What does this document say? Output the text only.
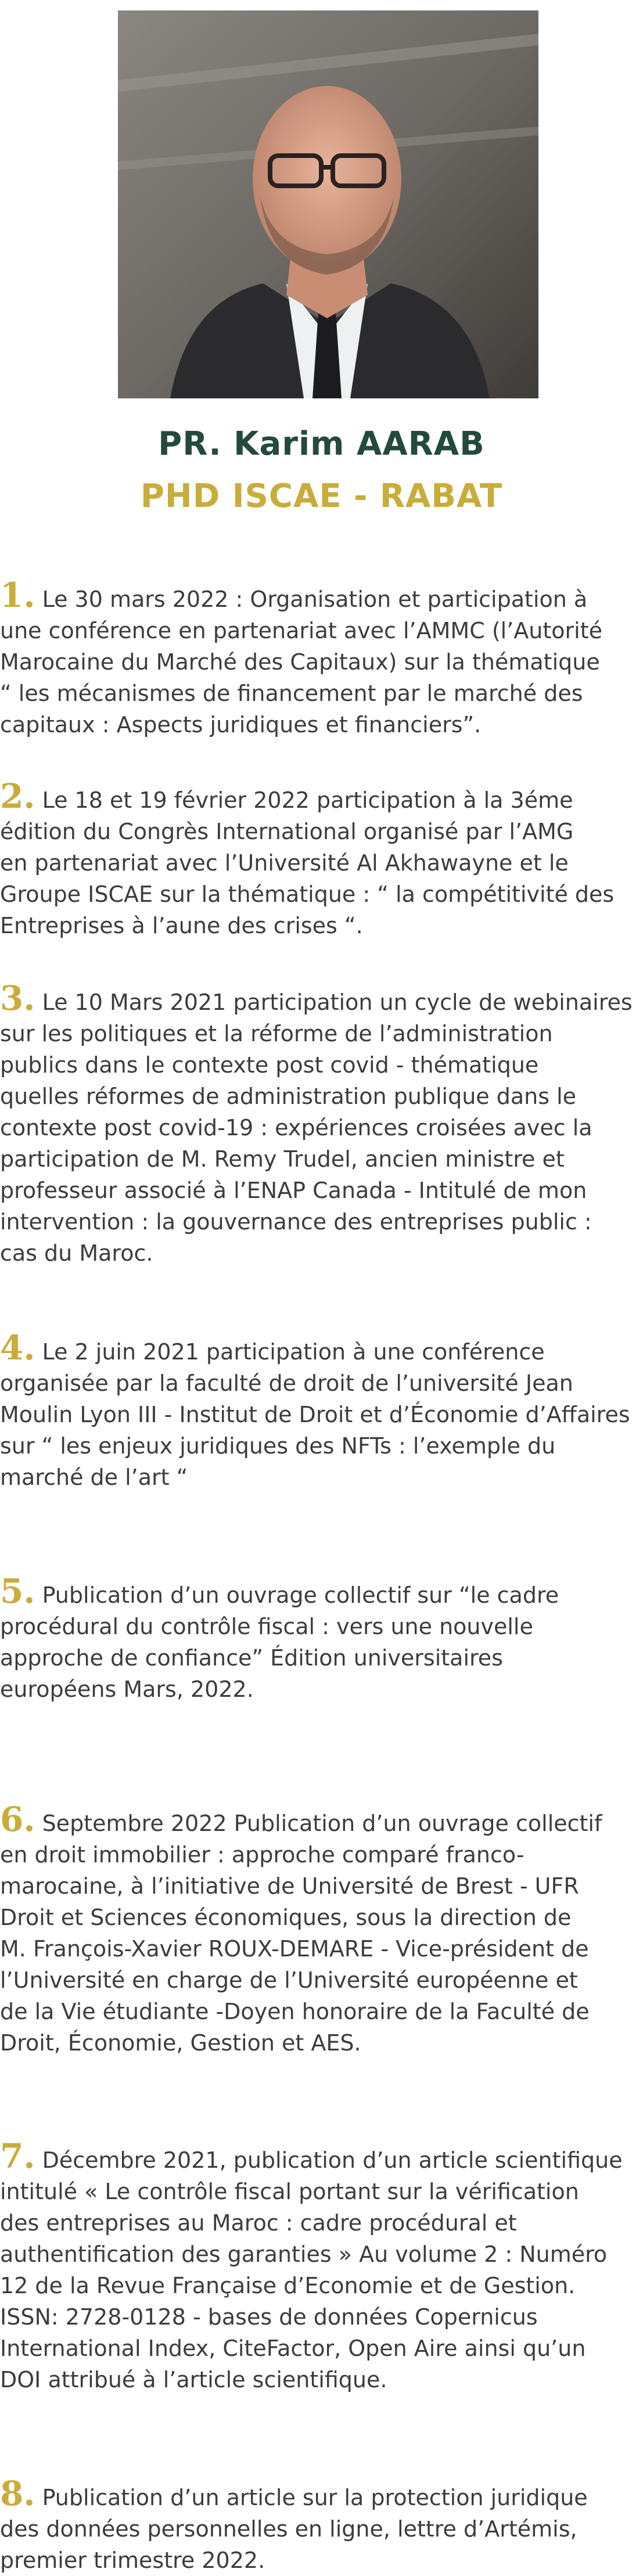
PR. Karim AARAB
PHD ISCAE - RABAT
1. Le 30 mars 2022 : Organisation et participation à
une conférence en partenariat avec l’AMMC (l’Autorité
Marocaine du Marché des Capitaux) sur la thématique
“ les mécanismes de financement par le marché des
capitaux : Aspects juridiques et financiers”.
2. Le 18 et 19 février 2022 participation à la 3éme
édition du Congrès International organisé par l’AMG
en partenariat avec l’Université Al Akhawayne et le
Groupe ISCAE sur la thématique : “ la compétitivité des
Entreprises à l’aune des crises “.
3. Le 10 Mars 2021 participation un cycle de webinaires
sur les politiques et la réforme de l’administration
publics dans le contexte post covid - thématique
quelles réformes de administration publique dans le
contexte post covid-19 : expériences croisées avec la
participation de M. Remy Trudel, ancien ministre et
professeur associé à l’ENAP Canada - Intitulé de mon
intervention : la gouvernance des entreprises public :
cas du Maroc.
4. Le 2 juin 2021 participation à une conférence
organisée par la faculté de droit de l’université Jean
Moulin Lyon III - Institut de Droit et d’Économie d’Affaires
sur “ les enjeux juridiques des NFTs : l’exemple du
marché de l’art “
5. Publication d’un ouvrage collectif sur “le cadre
procédural du contrôle fiscal : vers une nouvelle
approche de confiance” Édition universitaires
européens Mars, 2022.
6. Septembre 2022 Publication d’un ouvrage collectif
en droit immobilier : approche comparé franco-
marocaine, à l’initiative de Université de Brest - UFR
Droit et Sciences économiques, sous la direction de
M. François-Xavier ROUX-DEMARE - Vice-président de
l’Université en charge de l’Université européenne et
de la Vie étudiante -Doyen honoraire de la Faculté de
Droit, Économie, Gestion et AES.
7. Décembre 2021, publication d’un article scientifique
intitulé « Le contrôle fiscal portant sur la vérification
des entreprises au Maroc : cadre procédural et
authentification des garanties » Au volume 2 : Numéro
12 de la Revue Française d’Economie et de Gestion.
ISSN: 2728-0128 - bases de données Copernicus
International Index, CiteFactor, Open Aire ainsi qu’un
DOI attribué à l’article scientifique.
8. Publication d’un article sur la protection juridique
des données personnelles en ligne, lettre d’Artémis,
premier trimestre 2022.
